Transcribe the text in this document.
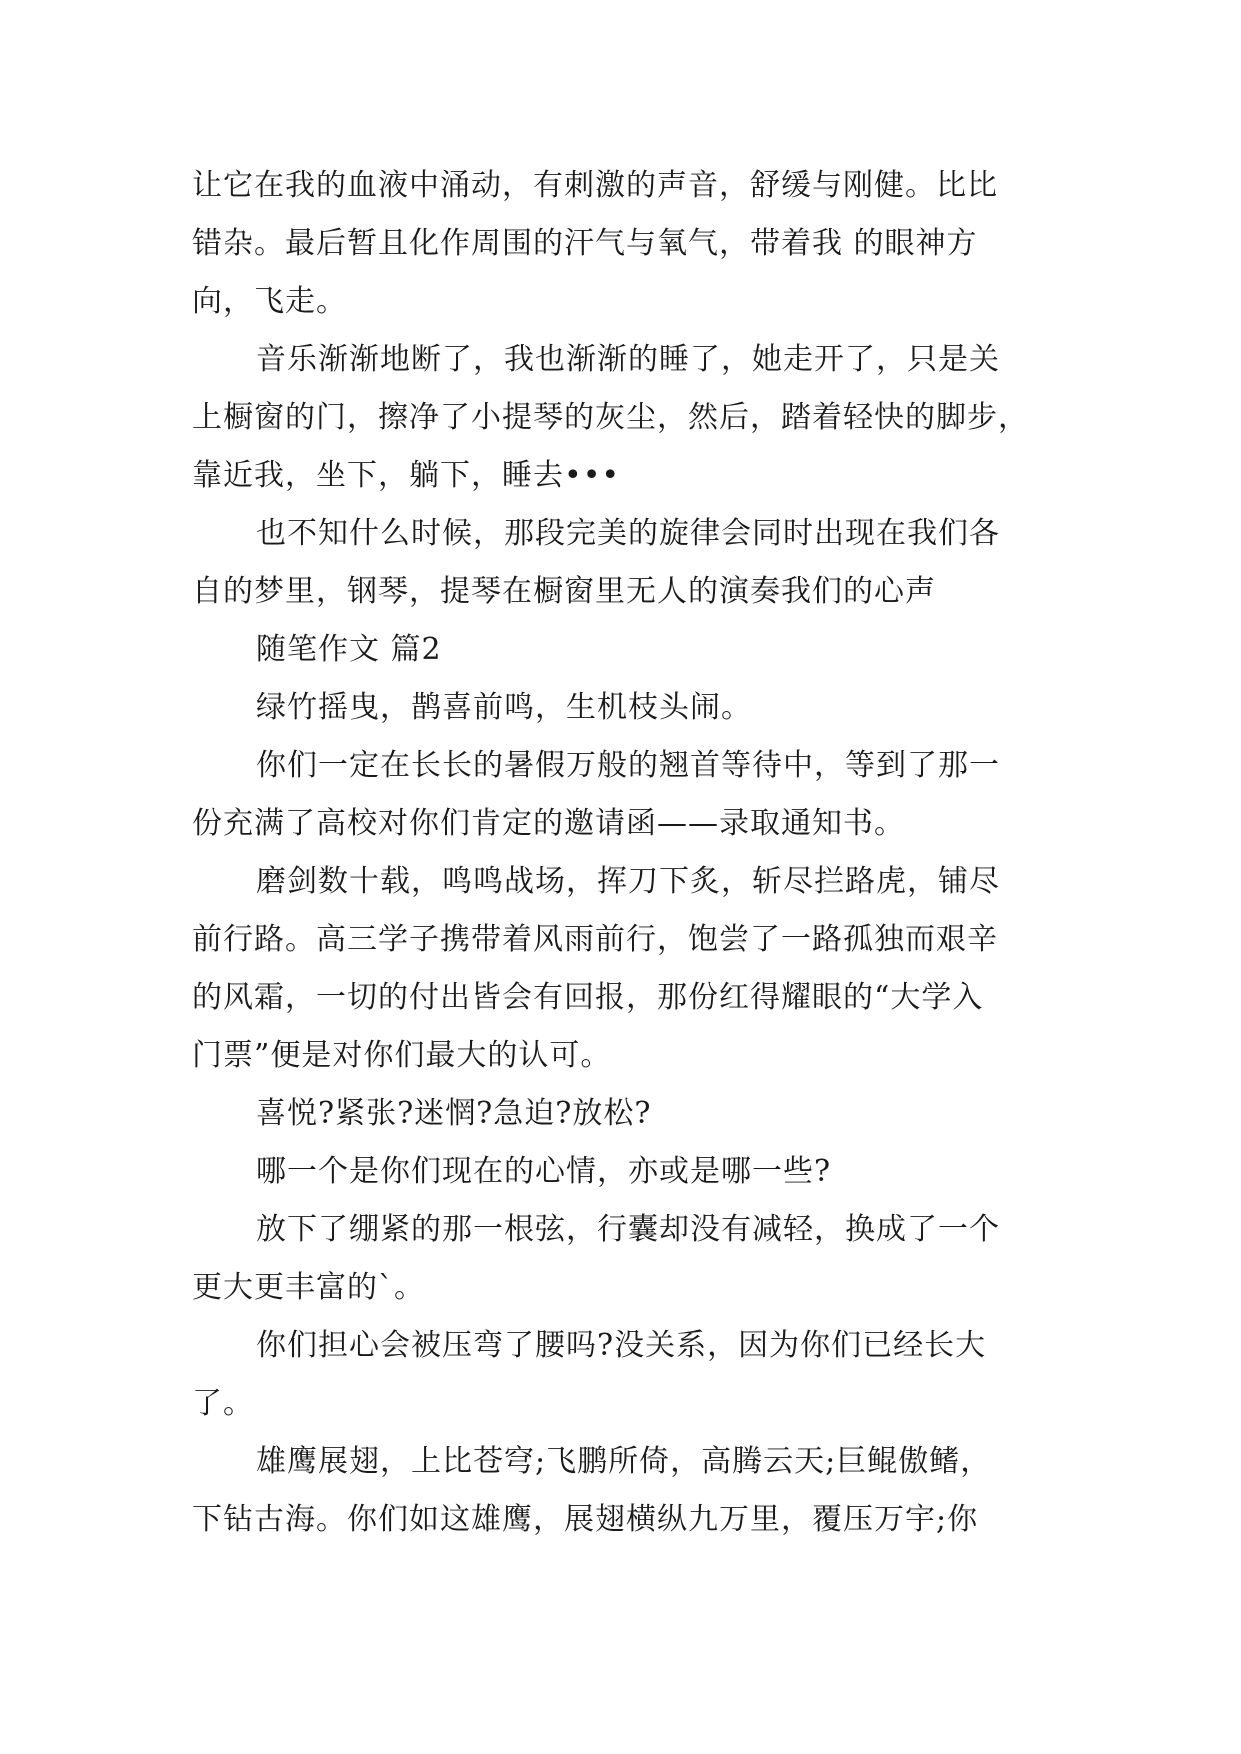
让它在我的血液中涌动，有刺激的声音，舒缓与刚健。比比
错杂。最后暂且化作周围的汗气与氧气，带着我 的眼神方
向，飞走。
音乐渐渐地断了，我也渐渐的睡了，她走开了，只是关
上橱窗的门，擦净了小提琴的灰尘，然后，踏着轻快的脚步，
靠近我，坐下，躺下，睡去•••
也不知什么时候，那段完美的旋律会同时出现在我们各
自的梦里，钢琴，提琴在橱窗里无人的演奏我们的心声
随笔作文 篇2
绿竹摇曳，鹊喜前鸣，生机枝头闹。
你们一定在长长的暑假万般的翘首等待中，等到了那一
份充满了高校对你们肯定的邀请函——录取通知书。
磨剑数十载，鸣鸣战场，挥刀下炙，斩尽拦路虎，铺尽
前行路。高三学子携带着风雨前行，饱尝了一路孤独而艰辛
的风霜，一切的付出皆会有回报，那份红得耀眼的“大学入
门票”便是对你们最大的认可。
喜悦?紧张?迷惘?急迫?放松?
哪一个是你们现在的心情，亦或是哪一些?
放下了绷紧的那一根弦，行囊却没有减轻，换成了一个
更大更丰富的`。
你们担心会被压弯了腰吗?没关系，因为你们已经长大
了。
雄鹰展翅，上比苍穹;飞鹏所倚，高腾云天;巨鲲傲鳍，
下钻古海。你们如这雄鹰，展翅横纵九万里，覆压万宇;你
